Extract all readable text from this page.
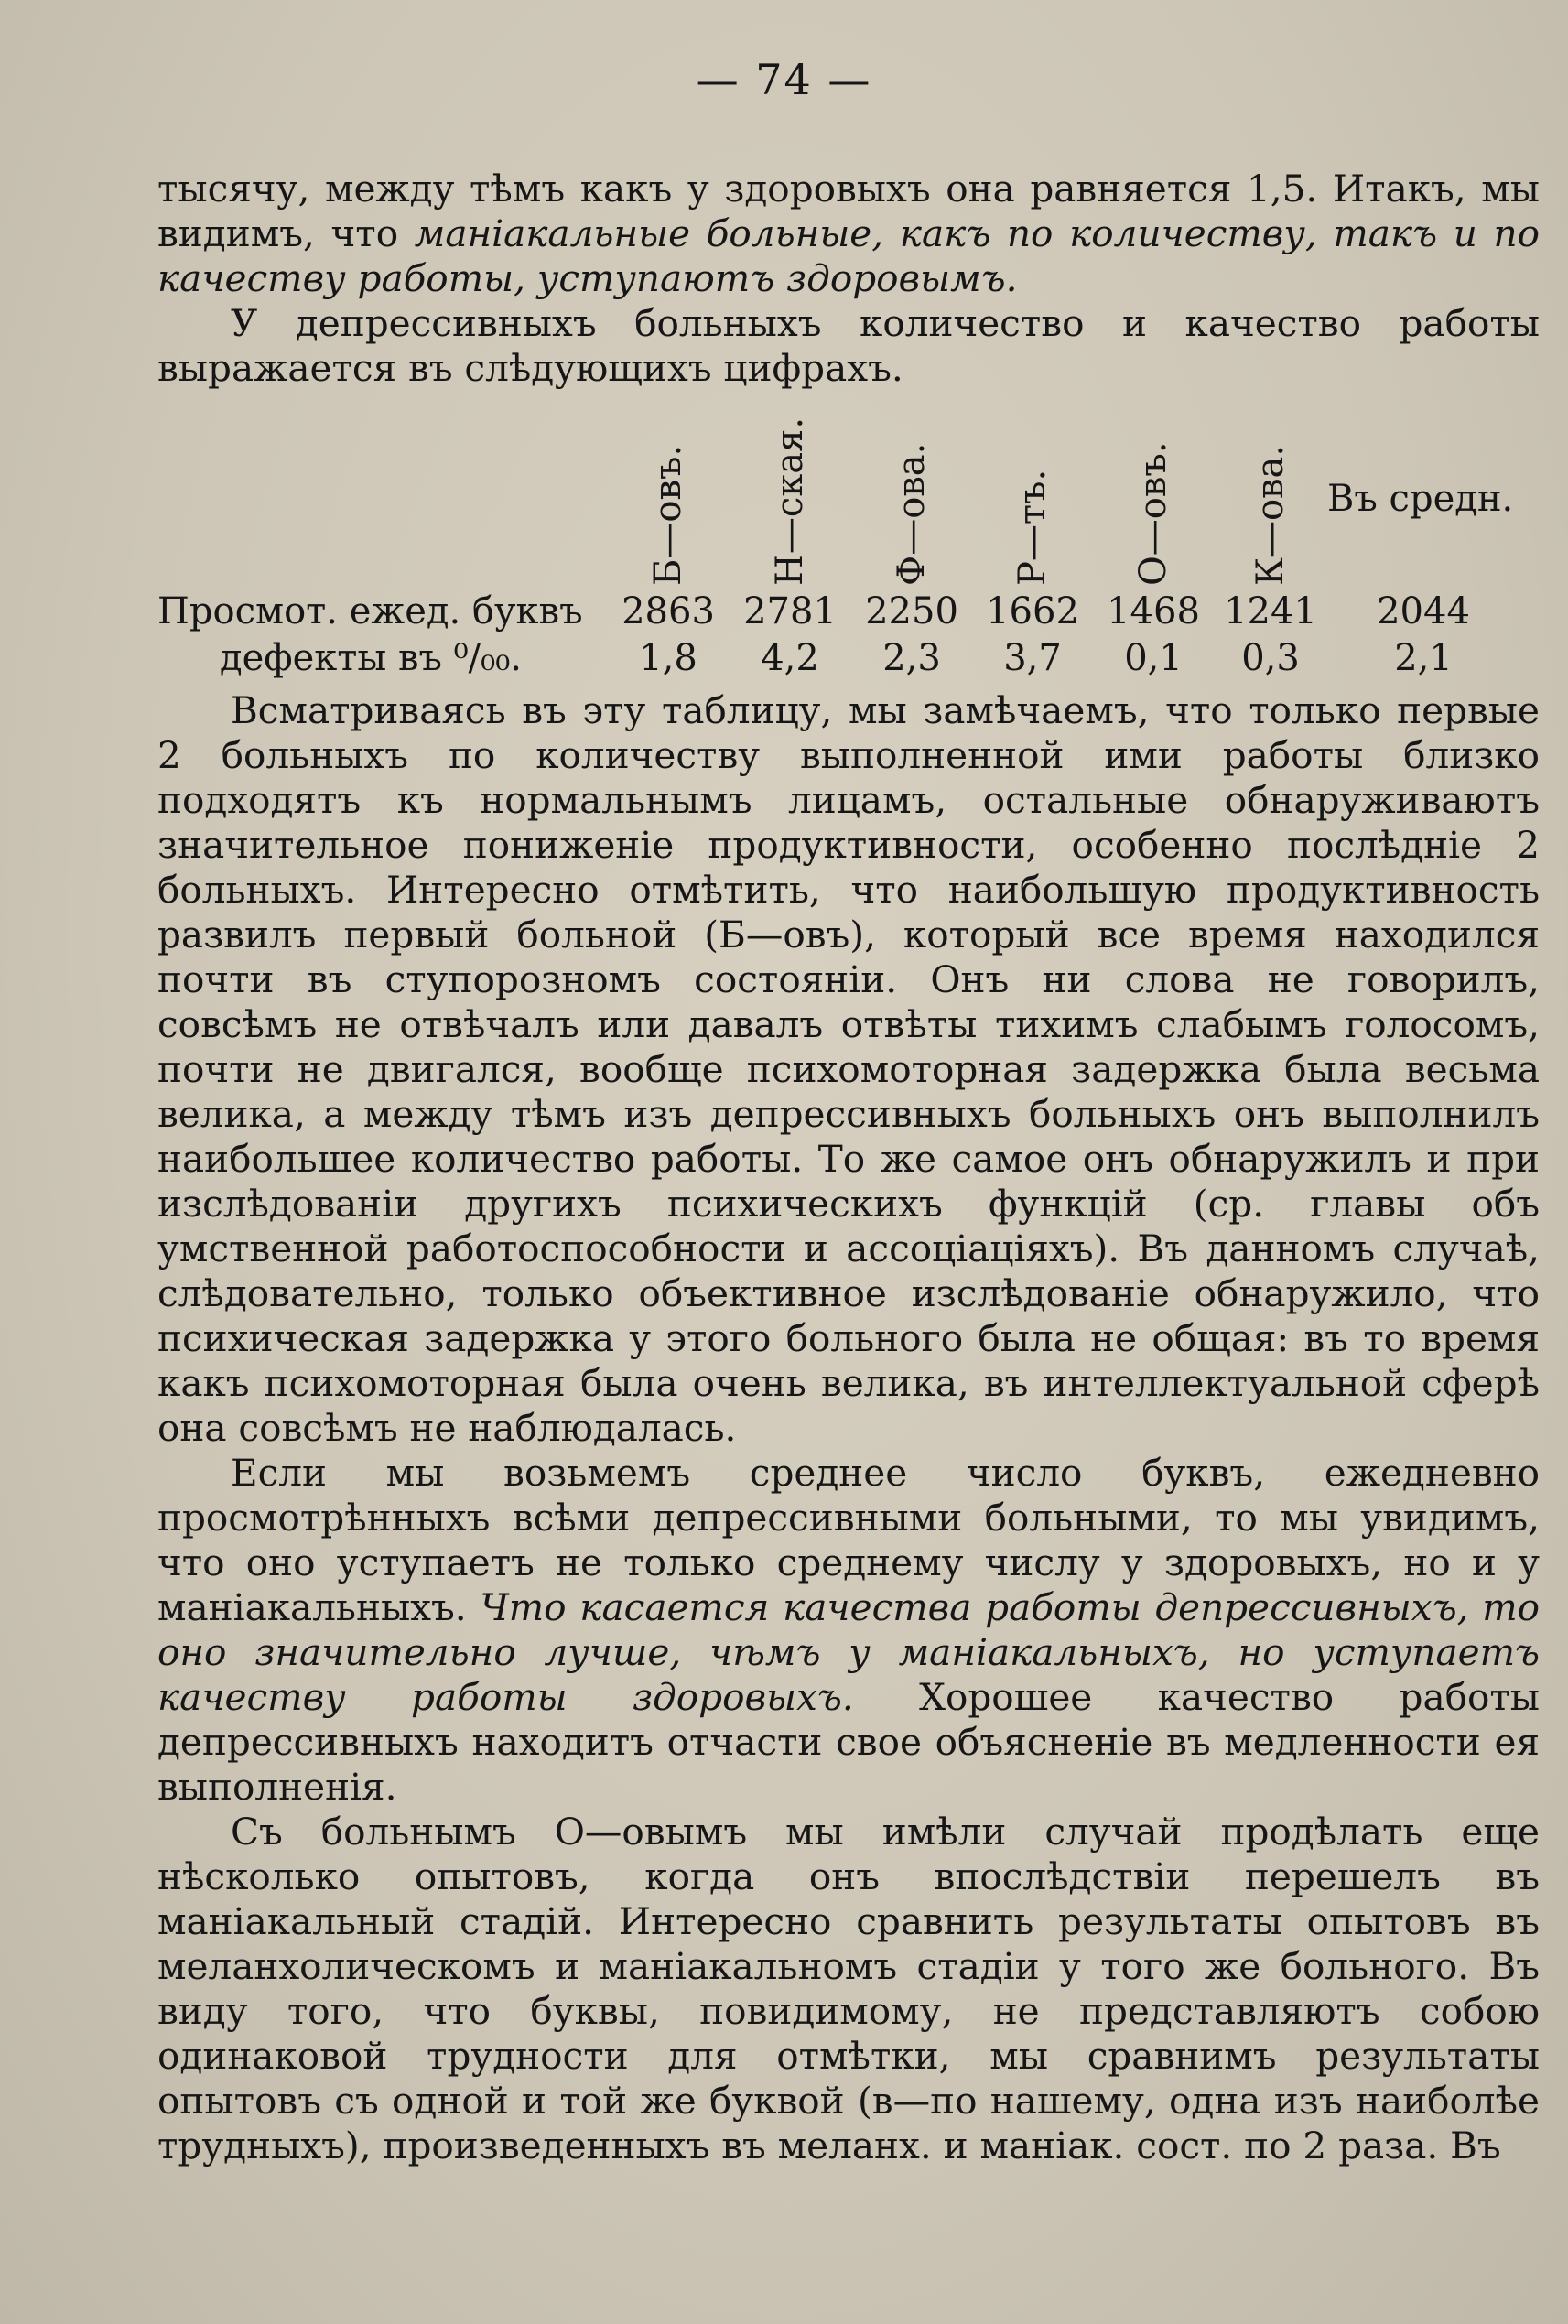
— 74 —

тысячу, между тѣмъ какъ у здоровыхъ она равняется 1,5. Итакъ, мы видимъ, что маніакальные больные, какъ по количеству, такъ и по качеству работы, уступаютъ здоровымъ.

У депрессивныхъ больныхъ количество и качество работы выражается въ слѣдующихъ цифрахъ.

Б—овъ. Н—ская. Ф—ова. Р—тъ. О—овъ. К—ова. Въ средн.
Просмот. ежед. буквъ	2863 2781 2250 1662 1468 1241	2044
дефекты въ ⁰/₀₀.	1,8	4,2	2,3	3,7	0,1	0,3	2,1

Всматриваясь въ эту таблицу, мы замѣчаемъ, что только первые 2 больныхъ по количеству выполненной ими работы близко подходятъ къ нормальнымъ лицамъ, остальные обнаруживаютъ значительное пониженіе продуктивности, особенно послѣдніе 2 больныхъ. Интересно отмѣтить, что наибольшую продуктивность развилъ первый больной (Б—овъ), который все время находился почти въ ступорозномъ состояніи. Онъ ни слова не говорилъ, совсѣмъ не отвѣчалъ или давалъ отвѣты тихимъ слабымъ голосомъ, почти не двигался, вообще психомоторная задержка была весьма велика, а между тѣмъ изъ депрессивныхъ больныхъ онъ выполнилъ наибольшее количество работы. То же самое онъ обнаружилъ и при изслѣдованіи другихъ психическихъ функцій (ср. главы объ умственной работоспособности и ассоціаціяхъ). Въ данномъ случаѣ, слѣдовательно, только объективное изслѣдованіе обнаружило, что психическая задержка у этого больного была не общая: въ то время какъ психомоторная была очень велика, въ интеллектуальной сферѣ она совсѣмъ не наблюдалась.

Если мы возьмемъ среднее число буквъ, ежедневно просмотрѣнныхъ всѣми депрессивными больными, то мы увидимъ, что оно уступаетъ не только среднему числу у здоровыхъ, но и у маніакальныхъ. Что касается качества работы депрессивныхъ, то оно значительно лучше, чѣмъ у маніакальныхъ, но уступаетъ качеству работы здоровыхъ. Хорошее качество работы депрессивныхъ находитъ отчасти свое объясненіе въ медленности ея выполненія.

Съ больнымъ О—овымъ мы имѣли случай продѣлать еще нѣсколько опытовъ, когда онъ впослѣдствіи перешелъ въ маніакальный стадій. Интересно сравнить результаты опытовъ въ меланхолическомъ и маніакальномъ стадіи у того же больного. Въ виду того, что буквы, повидимому, не представляютъ собою одинаковой трудности для отмѣтки, мы сравнимъ результаты опытовъ съ одной и той же буквой (в—по нашему, одна изъ наиболѣе трудныхъ), произведенныхъ въ меланх. и маніак. сост. по 2 раза. Въ
